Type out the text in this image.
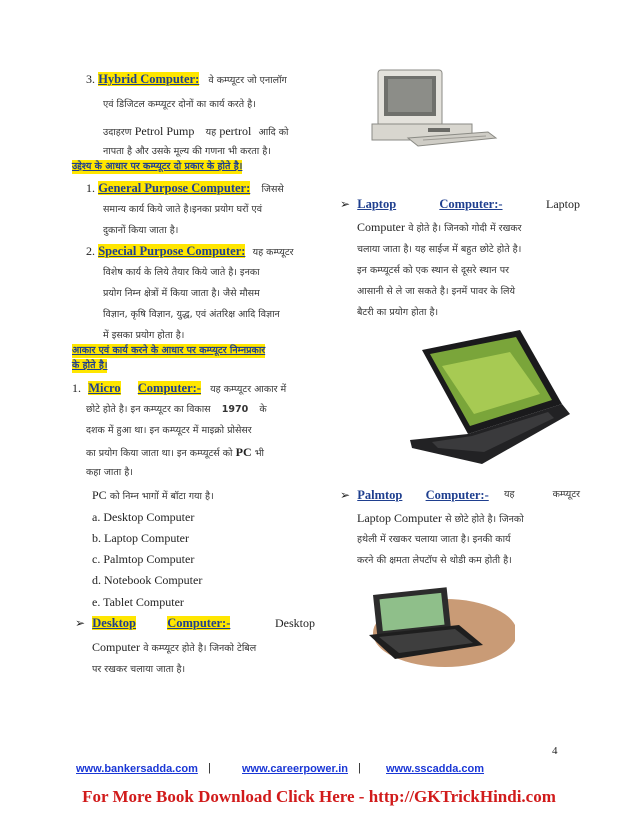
3. Hybrid Computer: वे कम्प्यूटर जो एनालॉग
एवं डिजिटल कम्प्यूटर दोनों का कार्य करते है।
उदाहरण Petrol Pump यह pertrol आदि को
नापता है और उसके मूल्य की गणना भी करता है।
उद्देश्य के आधार पर कम्प्यूटर दो प्रकार के होते है।
1. General Purpose Computer: जिससे
समान्य कार्य किये जाते है।इनका प्रयोग घरों एवं
दुकानों किया जाता है।
2. Special Purpose Computer: यह कम्प्यूटर
विशेष कार्य के लिये तैयार किये जाते है। इनका
प्रयोग निम्न क्षेत्रों में किया जाता है। जैसे मौसम
विज्ञान, कृषि विज्ञान, युद्ध, एवं अंतरिक्ष आदि विज्ञान
में इसका प्रयोग होता है।
आकार एवं कार्य करने के आधार पर कम्प्यूटर निम्नप्रकार
के होते है।
1. Micro Computer:- यह कम्प्यूटर आकार में
छोटे होते है। इन कम्प्यूटर का विकास 1970 के
दशक में हुआ था। इन कम्प्यूटर में माइक्रो प्रोसेसर
का प्रयोग किया जाता था। इन कम्प्यूटर्स को PC भी
कहा जाता है।
PC को निम्न भागों में बॉटा गया है।
a. Desktop Computer
b. Laptop Computer
c. Palmtop Computer
d. Notebook Computer
e. Tablet Computer
➢ Desktop Computer:-	Desktop
Computer वे कम्प्यूटर होते है। जिनको टेबिल
पर रखकर चलाया जाता है।
➢ Laptop	Computer:-	Laptop
Computer वे होते है। जिनको गोदी में रखकर
चलाया जाता है। यह साईज में बहुत छोटे होते है।
इन कम्प्यूटर्स को एक स्थान से दूसरे स्थान पर
आसानी से ले जा सकते है। इनमें पावर के लिये
बैटरी का प्रयोग होता है।
➢ Palmtop Computer:- यह	कम्प्यूटर
Laptop Computer से छोटे होते है। जिनको
हथेली में रखकर चलाया जाता है। इनकी कार्य
करने की क्षमता लेपटॉप से थोडी कम होती है।
4
www.bankersadda.com |	www.careerpower.in | www.sscadda.com
For More Book Download Click Here - http://GKTrickHindi.com
